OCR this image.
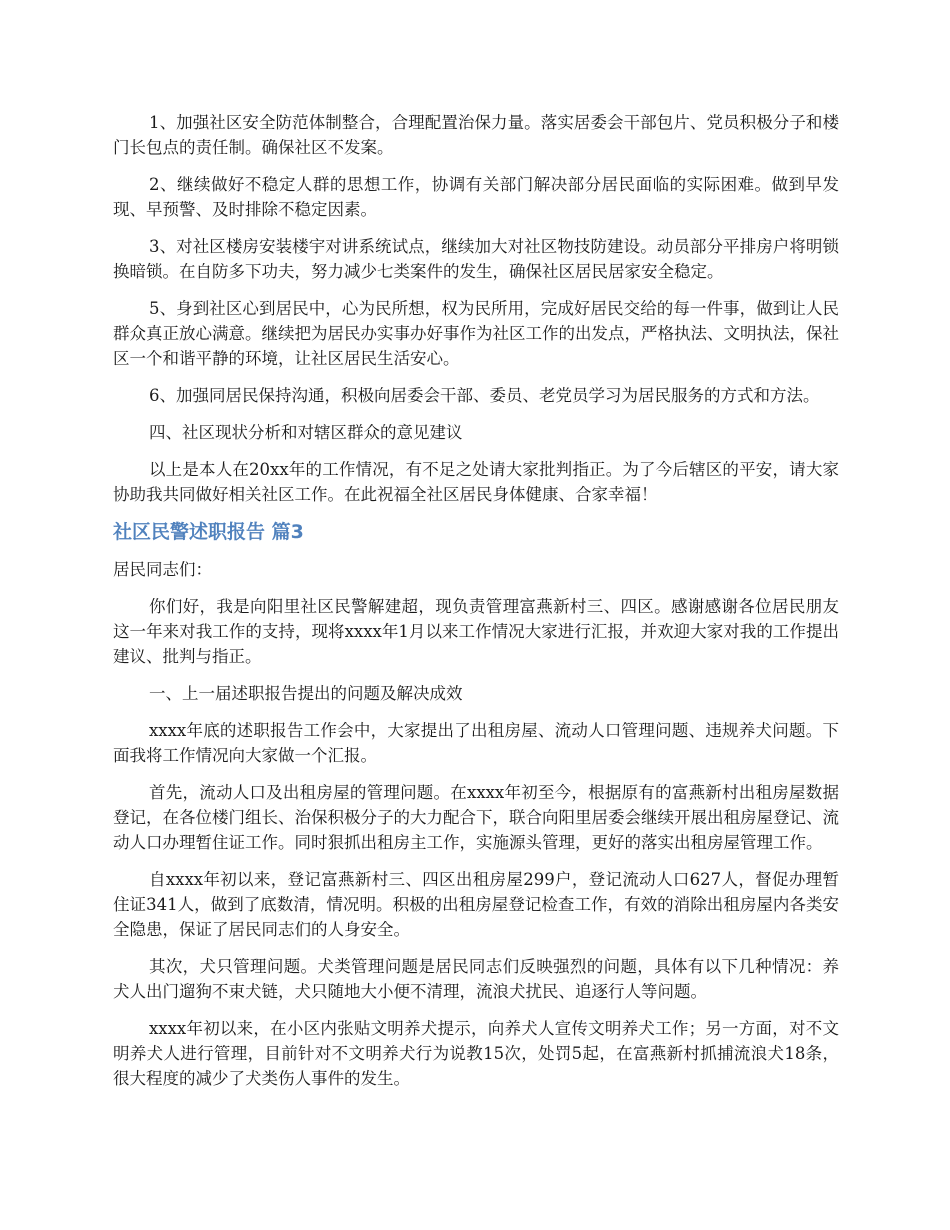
1、加强社区安全防范体制整合，合理配置治保力量。落实居委会干部包片、党员积极分子和楼门长包点的责任制。确保社区不发案。

2、继续做好不稳定人群的思想工作，协调有关部门解决部分居民面临的实际困难。做到早发现、早预警、及时排除不稳定因素。

3、对社区楼房安装楼宇对讲系统试点，继续加大对社区物技防建设。动员部分平排房户将明锁换暗锁。在自防多下功夫，努力减少七类案件的发生，确保社区居民居家安全稳定。

5、身到社区心到居民中，心为民所想，权为民所用，完成好居民交给的每一件事，做到让人民群众真正放心满意。继续把为居民办实事办好事作为社区工作的出发点，严格执法、文明执法，保社区一个和谐平静的环境，让社区居民生活安心。

6、加强同居民保持沟通，积极向居委会干部、委员、老党员学习为居民服务的方式和方法。

四、社区现状分析和对辖区群众的意见建议

以上是本人在20xx年的工作情况，有不足之处请大家批判指正。为了今后辖区的平安，请大家协助我共同做好相关社区工作。在此祝福全社区居民身体健康、合家幸福！

社区民警述职报告 篇3

居民同志们：

你们好，我是向阳里社区民警解建超，现负责管理富燕新村三、四区。感谢感谢各位居民朋友这一年来对我工作的支持，现将xxxx年1月以来工作情况大家进行汇报，并欢迎大家对我的工作提出建议、批判与指正。

一、上一届述职报告提出的问题及解决成效

xxxx年底的述职报告工作会中，大家提出了出租房屋、流动人口管理问题、违规养犬问题。下面我将工作情况向大家做一个汇报。

首先，流动人口及出租房屋的管理问题。在xxxx年初至今，根据原有的富燕新村出租房屋数据登记，在各位楼门组长、治保积极分子的大力配合下，联合向阳里居委会继续开展出租房屋登记、流动人口办理暂住证工作。同时狠抓出租房主工作，实施源头管理，更好的落实出租房屋管理工作。

自xxxx年初以来，登记富燕新村三、四区出租房屋299户，登记流动人口627人，督促办理暂住证341人，做到了底数清，情况明。积极的出租房屋登记检查工作，有效的消除出租房屋内各类安全隐患，保证了居民同志们的人身安全。

其次，犬只管理问题。犬类管理问题是居民同志们反映强烈的问题，具体有以下几种情况：养犬人出门遛狗不束犬链，犬只随地大小便不清理，流浪犬扰民、追逐行人等问题。

xxxx年初以来，在小区内张贴文明养犬提示，向养犬人宣传文明养犬工作；另一方面，对不文明养犬人进行管理，目前针对不文明养犬行为说教15次，处罚5起，在富燕新村抓捕流浪犬18条，很大程度的减少了犬类伤人事件的发生。
